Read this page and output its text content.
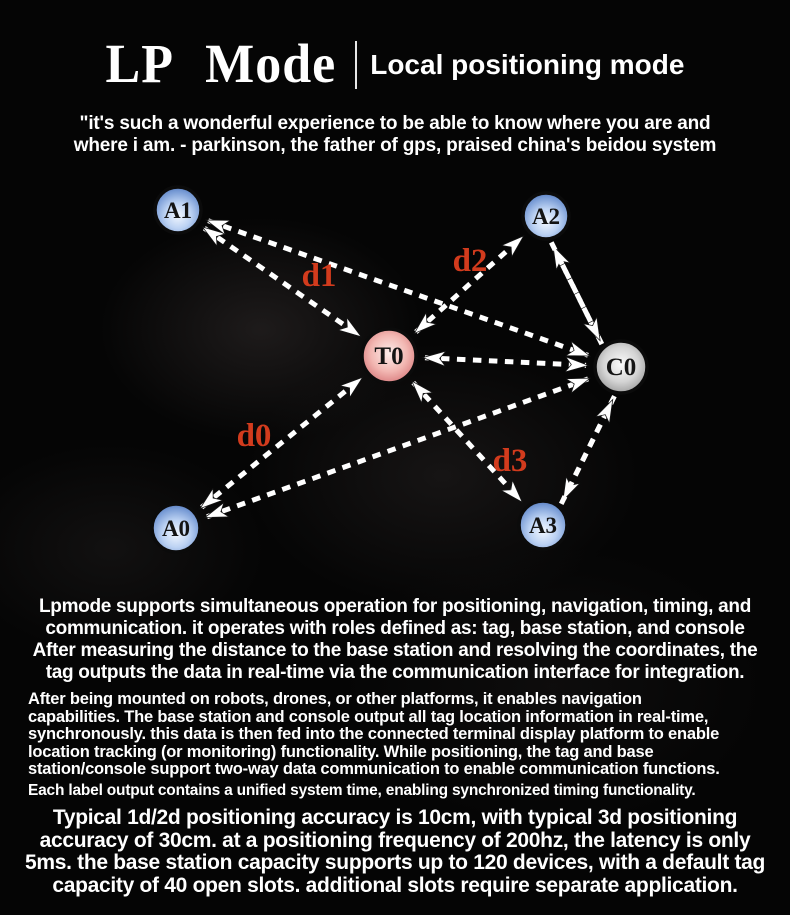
LP Mode Local positioning mode
"it's such a wonderful experience to be able to know where you are and
where i am. - parkinson, the father of gps, praised china's beidou system
d1	d2
d0
d3
A1	A2
T0	C0
A0	A3
Lpmode supports simultaneous operation for positioning, navigation, timing, and
communication. it operates with roles defined as: tag, base station, and console
After measuring the distance to the base station and resolving the coordinates, the
tag outputs the data in real-time via the communication interface for integration.
After being mounted on robots, drones, or other platforms, it enables navigation
capabilities. The base station and console output all tag location information in real-time,
synchronously. this data is then fed into the connected terminal display platform to enable
location tracking (or monitoring) functionality. While positioning, the tag and base
station/console support two-way data communication to enable communication functions.
Each label output contains a unified system time, enabling synchronized timing functionality.
Typical 1d/2d positioning accuracy is 10cm, with typical 3d positioning
accuracy of 30cm. at a positioning frequency of 200hz, the latency is only
5ms. the base station capacity supports up to 120 devices, with a default tag
capacity of 40 open slots. additional slots require separate application.
